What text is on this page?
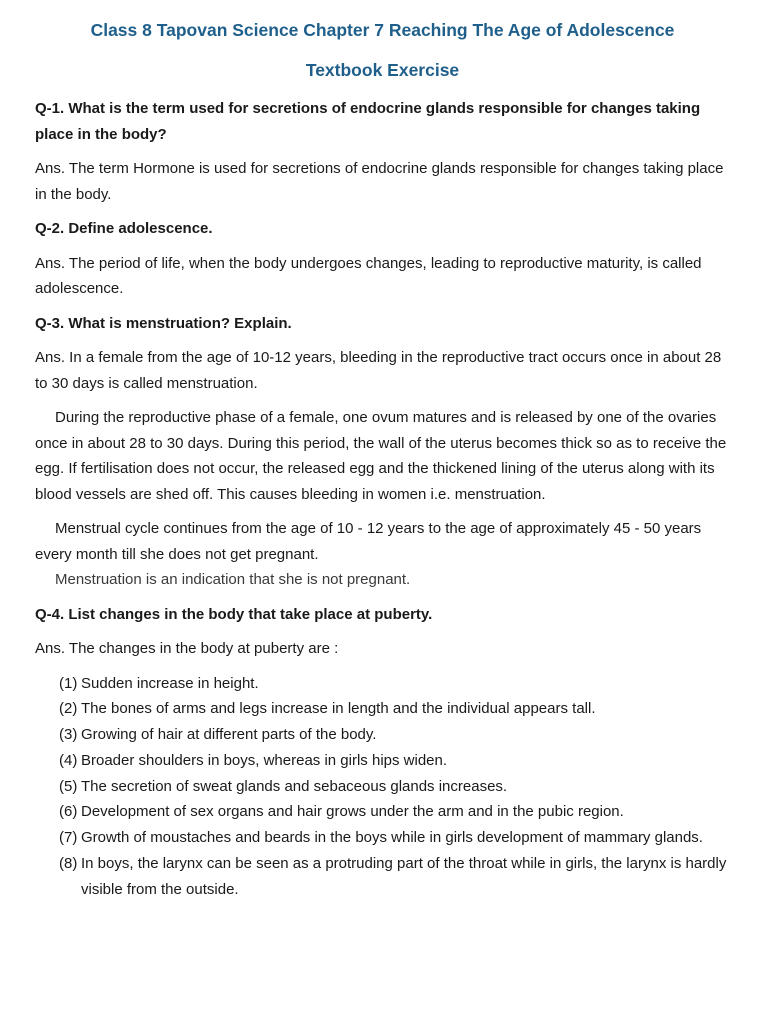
Class 8 Tapovan Science Chapter 7 Reaching The Age of Adolescence
Textbook Exercise

Q-1. What is the term used for secretions of endocrine glands responsible for changes taking place in the body?

Ans. The term Hormone is used for secretions of endocrine glands responsible for changes taking place in the body.

Q-2. Define adolescence.

Ans. The period of life, when the body undergoes changes, leading to reproductive maturity, is called adolescence.

Q-3. What is menstruation? Explain.

Ans. In a female from the age of 10-12 years, bleeding in the reproductive tract occurs once in about 28 to 30 days is called menstruation.

During the reproductive phase of a female, one ovum matures and is released by one of the ovaries once in about 28 to 30 days. During this period, the wall of the uterus becomes thick so as to receive the egg. If fertilisation does not occur, the released egg and the thickened lining of the uterus along with its blood vessels are shed off. This causes bleeding in women i.e. menstruation.

Menstrual cycle continues from the age of 10 - 12 years to the age of approximately 45 - 50 years every month till she does not get pregnant.

Menstruation is an indication that she is not pregnant.

Q-4. List changes in the body that take place at puberty.

Ans. The changes in the body at puberty are :

(1) Sudden increase in height.
(2) The bones of arms and legs increase in length and the individual appears tall.
(3) Growing of hair at different parts of the body.
(4) Broader shoulders in boys, whereas in girls hips widen.
(5) The secretion of sweat glands and sebaceous glands increases.
(6) Development of sex organs and hair grows under the arm and in the pubic region.
(7) Growth of moustaches and beards in the boys while in girls development of mammary glands.
(8) In boys, the larynx can be seen as a protruding part of the throat while in girls, the larynx is hardly visible from the outside.
